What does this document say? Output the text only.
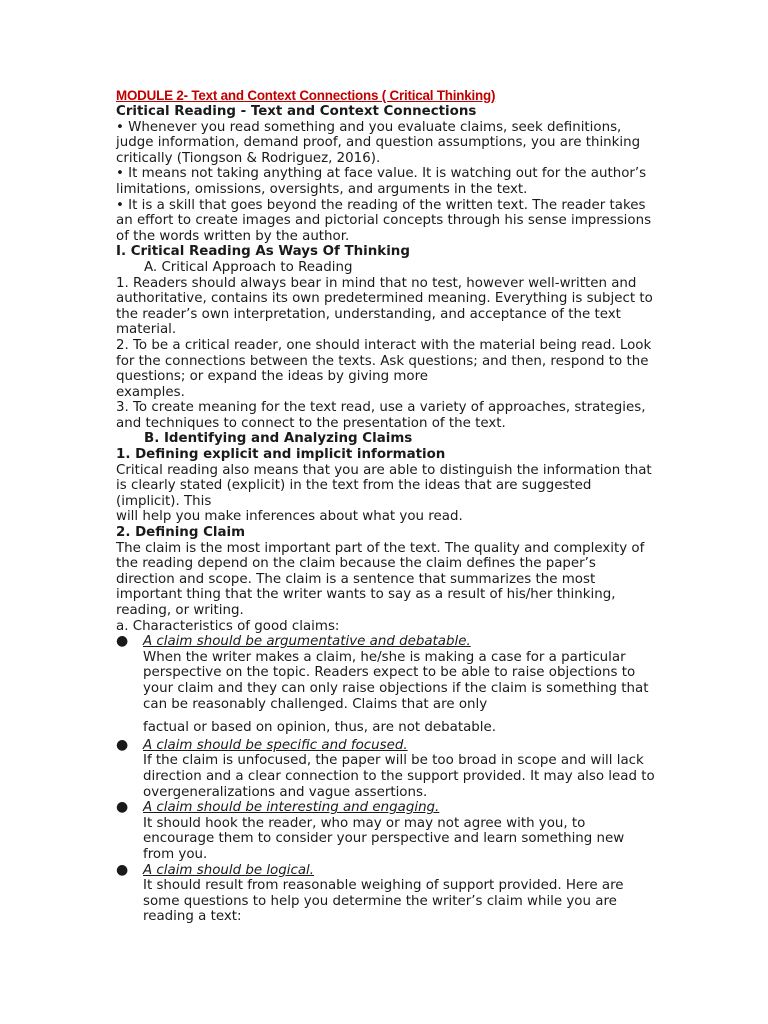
MODULE 2- Text and Context Connections ( Critical Thinking)

Critical Reading - Text and Context Connections

• Whenever you read something and you evaluate claims, seek definitions, judge information, demand proof, and question assumptions, you are thinking critically (Tiongson & Rodriguez, 2016).

• It means not taking anything at face value. It is watching out for the author’s limitations, omissions, oversights, and arguments in the text.

• It is a skill that goes beyond the reading of the written text. The reader takes an effort to create images and pictorial concepts through his sense impressions of the words written by the author.

I. Critical Reading As Ways Of Thinking

A. Critical Approach to Reading

1. Readers should always bear in mind that no test, however well-written and authoritative, contains its own predetermined meaning. Everything is subject to the reader’s own interpretation, understanding, and acceptance of the text material.

2. To be a critical reader, one should interact with the material being read. Look for the connections between the texts. Ask questions; and then, respond to the questions; or expand the ideas by giving more

examples.

3. To create meaning for the text read, use a variety of approaches, strategies, and techniques to connect to the presentation of the text.

B. Identifying and Analyzing Claims

1. Defining explicit and implicit information

Critical reading also means that you are able to distinguish the information that is clearly stated (explicit) in the text from the ideas that are suggested (implicit). This

will help you make inferences about what you read.

2. Defining Claim

The claim is the most important part of the text. The quality and complexity of the reading depend on the claim because the claim defines the paper’s direction and scope. The claim is a sentence that summarizes the most important thing that the writer wants to say as a result of his/her thinking, reading, or writing.

a. Characteristics of good claims:

●	A claim should be argumentative and debatable.

When the writer makes a claim, he/she is making a case for a particular perspective on the topic. Readers expect to be able to raise objections to your claim and they can only raise objections if the claim is something that can be reasonably challenged. Claims that are only

factual or based on opinion, thus, are not debatable.

●	A claim should be specific and focused.

If the claim is unfocused, the paper will be too broad in scope and will lack direction and a clear connection to the support provided. It may also lead to overgeneralizations and vague assertions.

●	A claim should be interesting and engaging.

It should hook the reader, who may or may not agree with you, to encourage them to consider your perspective and learn something new from you.

●	A claim should be logical.

It should result from reasonable weighing of support provided. Here are some questions to help you determine the writer’s claim while you are reading a text:
